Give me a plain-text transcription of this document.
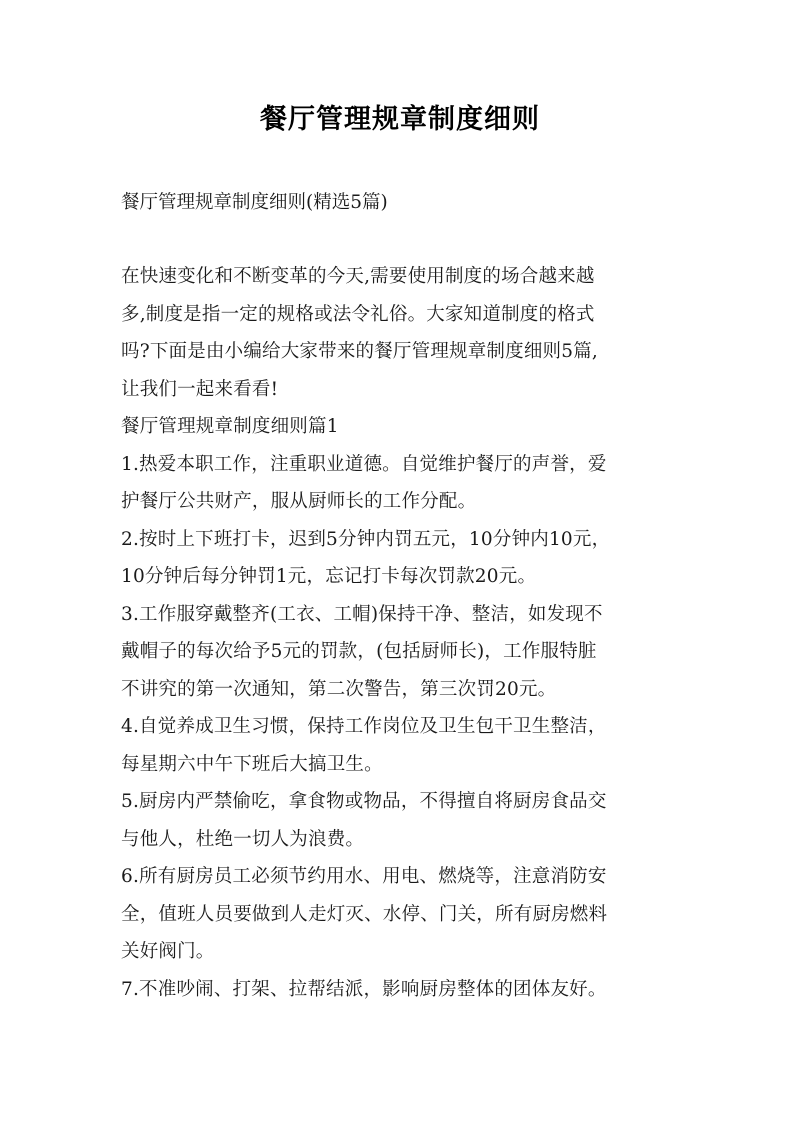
餐厅管理规章制度细则
餐厅管理规章制度细则(精选5篇)
在快速变化和不断变革的今天,需要使用制度的场合越来越
多,制度是指一定的规格或法令礼俗。大家知道制度的格式
吗?下面是由小编给大家带来的餐厅管理规章制度细则5篇,
让我们一起来看看!
餐厅管理规章制度细则篇1
1.热爱本职工作，注重职业道德。自觉维护餐厅的声誉，爱
护餐厅公共财产，服从厨师长的工作分配。
2.按时上下班打卡，迟到5分钟内罚五元，10分钟内10元，
10分钟后每分钟罚1元，忘记打卡每次罚款20元。
3.工作服穿戴整齐(工衣、工帽)保持干净、整洁，如发现不
戴帽子的每次给予5元的罚款，(包括厨师长)，工作服特脏
不讲究的第一次通知，第二次警告，第三次罚20元。
4.自觉养成卫生习惯，保持工作岗位及卫生包干卫生整洁，
每星期六中午下班后大搞卫生。
5.厨房内严禁偷吃，拿食物或物品，不得擅自将厨房食品交
与他人，杜绝一切人为浪费。
6.所有厨房员工必须节约用水、用电、燃烧等，注意消防安
全，值班人员要做到人走灯灭、水停、门关，所有厨房燃料
关好阀门。
7.不准吵闹、打架、拉帮结派，影响厨房整体的团体友好。
